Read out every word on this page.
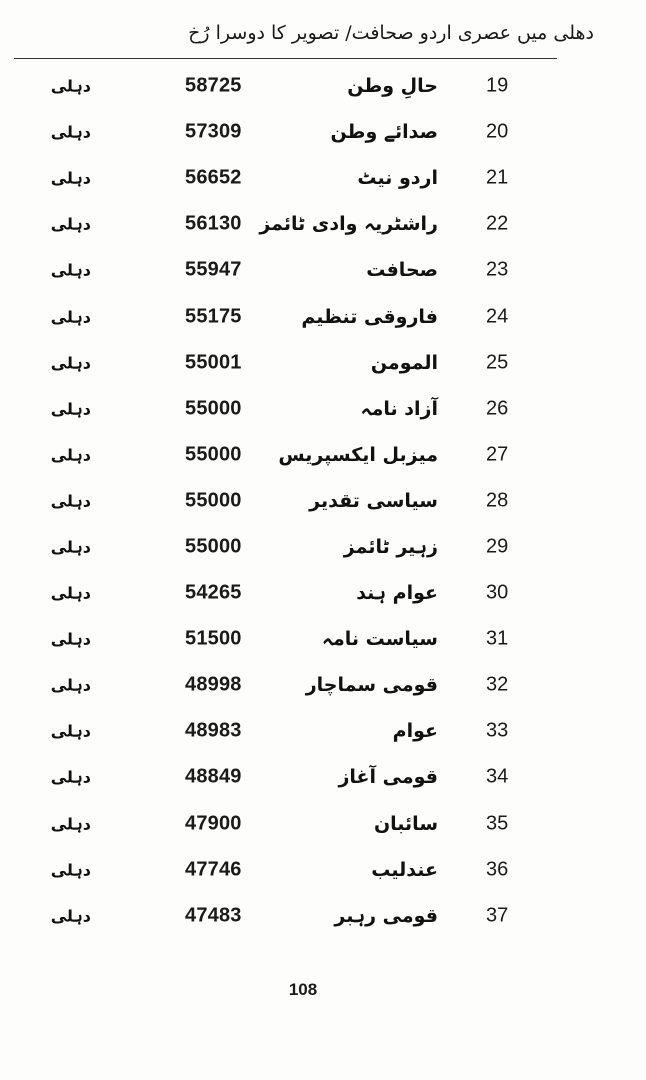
دھلی میں عصری اردو صحافت/ تصویر کا دوسرا رُخ
19
حالِ وطن
58725
دہلی
20
صدائے وطن
57309
دہلی
21
اردو نیٹ
56652
دہلی
22
راشٹریہ وادی ٹائمز
56130
دہلی
23
صحافت
55947
دہلی
24
فاروقی تنظیم
55175
دہلی
25
المومن
55001
دہلی
26
آزاد نامہ
55000
دہلی
27
میزبل ایکسپریس
55000
دہلی
28
سیاسی تقدیر
55000
دہلی
29
زہیر ٹائمز
55000
دہلی
30
عوام ہند
54265
دہلی
31
سیاست نامہ
51500
دہلی
32
قومی سماچار
48998
دہلی
33
عوام
48983
دہلی
34
قومی آغاز
48849
دہلی
35
سائبان
47900
دہلی
36
عندلیب
47746
دہلی
37
قومی رہبر
47483
دہلی
108
